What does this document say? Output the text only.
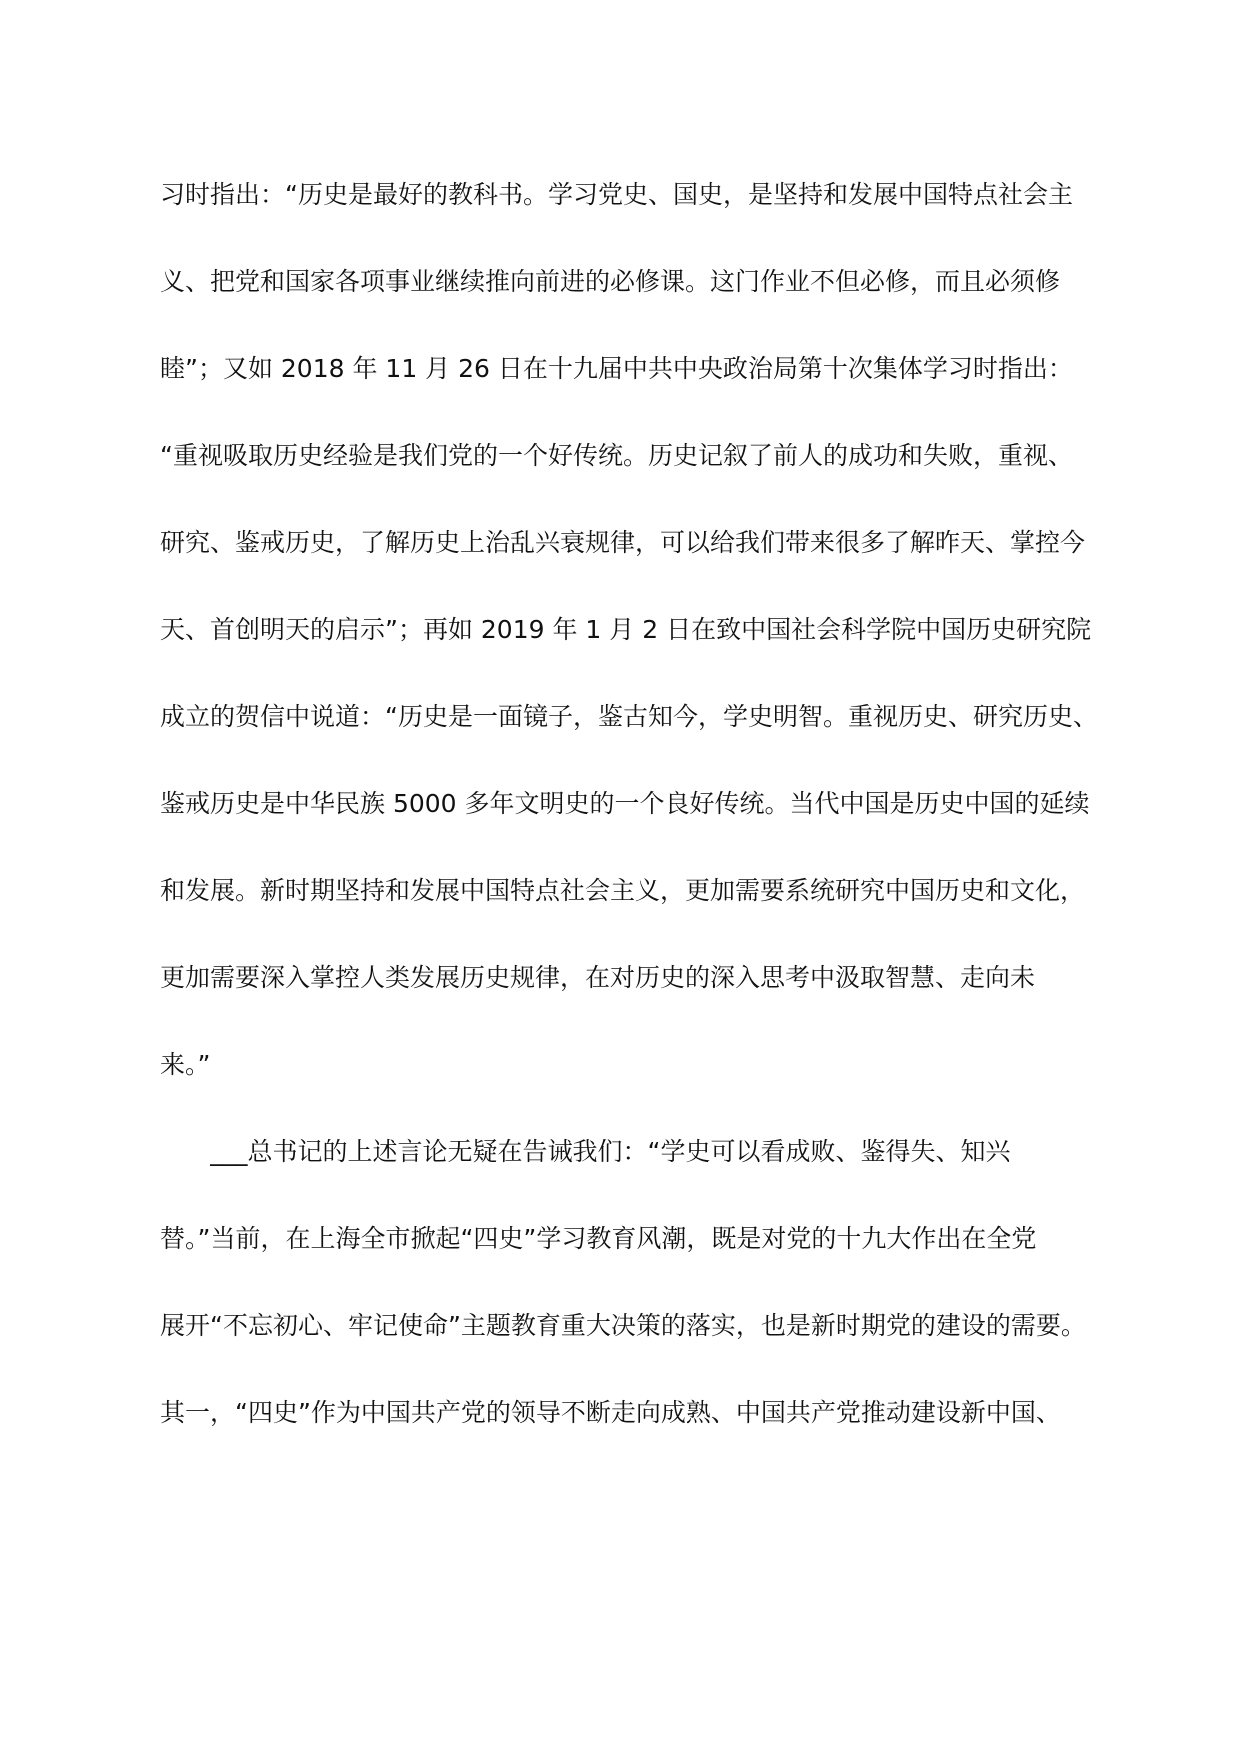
习时指出：“历史是最好的教科书。学习党史、国史，是坚持和发展中国特点社会主
义、把党和国家各项事业继续推向前进的必修课。这门作业不但必修，而且必须修
睦”；又如 2018 年 11 月 26 日在十九届中共中央政治局第十次集体学习时指出：
“重视吸取历史经验是我们党的一个好传统。历史记叙了前人的成功和失败，重视、
研究、鉴戒历史，了解历史上治乱兴衰规律，可以给我们带来很多了解昨天、掌控今
天、首创明天的启示”；再如 2019 年 1 月 2 日在致中国社会科学院中国历史研究院
成立的贺信中说道：“历史是一面镜子，鉴古知今，学史明智。重视历史、研究历史、
鉴戒历史是中华民族 5000 多年文明史的一个良好传统。当代中国是历史中国的延续
和发展。新时期坚持和发展中国特点社会主义，更加需要系统研究中国历史和文化，
更加需要深入掌控人类发展历史规律，在对历史的深入思考中汲取智慧、走向未
来。”
___总书记的上述言论无疑在告诫我们：“学史可以看成败、鉴得失、知兴
替。”当前，在上海全市掀起“四史”学习教育风潮，既是对党的十九大作出在全党
展开“不忘初心、牢记使命”主题教育重大决策的落实，也是新时期党的建设的需要。
其一，“四史”作为中国共产党的领导不断走向成熟、中国共产党推动建设新中国、
